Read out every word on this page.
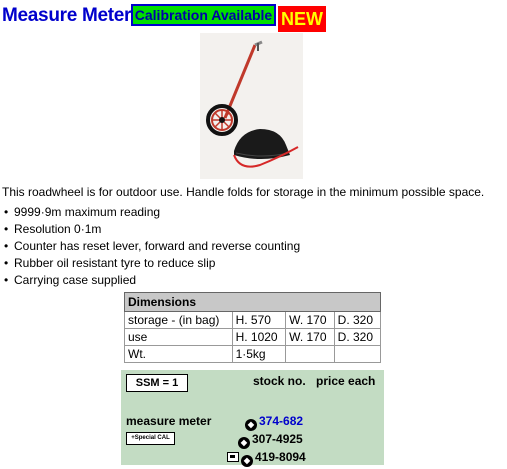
Measure Meter Calibration Available NEW
This roadwheel is for outdoor use. Handle folds for storage in the minimum possible space.
• 9999·9m maximum reading
• Resolution 0·1m
• Counter has reset lever, forward and reverse counting
• Rubber oil resistant tyre to reduce slip
• Carrying case supplied
Dimensions			
storage - (in bag)	H. 570	W. 170	D. 320
use	H. 1020	W. 170	D. 320
Wt.	1·5kg		
SSM = 1	stock no. price each
measure meter	◆ 374-682
+Special CAL	◆ 307-4925
◆ 419-8094
